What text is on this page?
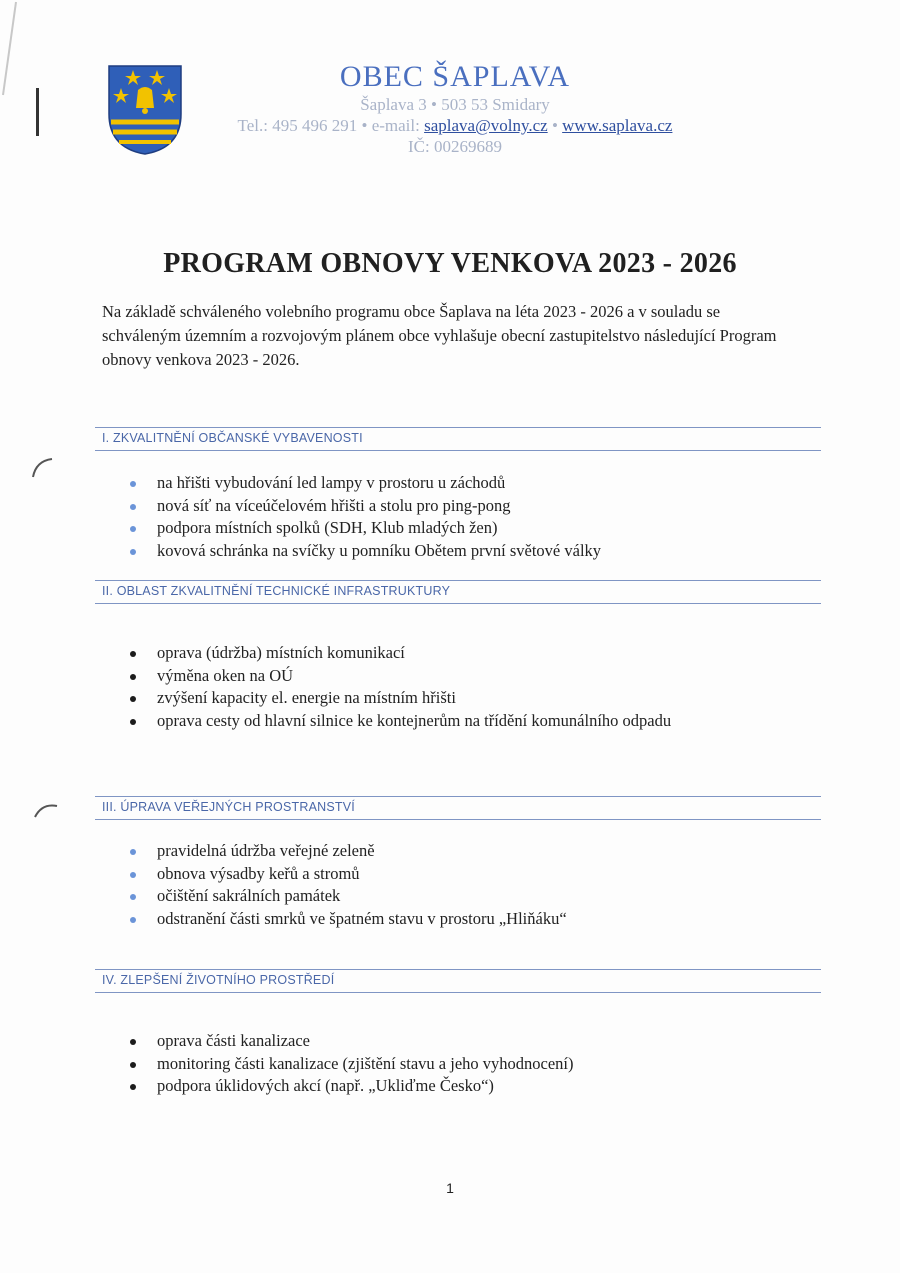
OBEC ŠAPLAVA
Šaplava 3 • 503 53 Smidary
Tel.: 495 496 291 • e-mail: saplava@volny.cz • www.saplava.cz
IČ: 00269689
PROGRAM OBNOVY VENKOVA 2023 - 2026
Na základě schváleného volebního programu obce Šaplava na léta 2023 - 2026 a v souladu se schváleným územním a rozvojovým plánem obce vyhlašuje obecní zastupitelstvo následující Program obnovy venkova 2023 - 2026.
I. ZKVALITNĚNÍ OBČANSKÉ VYBAVENOSTI
na hřišti vybudování led lampy v prostoru u záchodů
nová síť na víceúčelovém hřišti a stolu pro ping-pong
podpora místních spolků (SDH, Klub mladých žen)
kovová schránka na svíčky u pomníku Obětem první světové války
II. OBLAST ZKVALITNĚNÍ TECHNICKÉ INFRASTRUKTURY
oprava (údržba) místních komunikací
výměna oken na OÚ
zvýšení kapacity el. energie na místním hřišti
oprava cesty od hlavní silnice ke kontejnerům na třídění komunálního odpadu
III. ÚPRAVA VEŘEJNÝCH PROSTRANSTVÍ
pravidelná údržba veřejné zeleně
obnova výsadby keřů a stromů
očištění sakrálních památek
odstranění části smrků ve špatném stavu v prostoru „Hliňáku“
IV. ZLEPŠENÍ ŽIVOTNÍHO PROSTŘEDÍ
oprava části kanalizace
monitoring části kanalizace (zjištění stavu a jeho vyhodnocení)
podpora úklidových akcí (např. „Ukliďme Česko“)
1
